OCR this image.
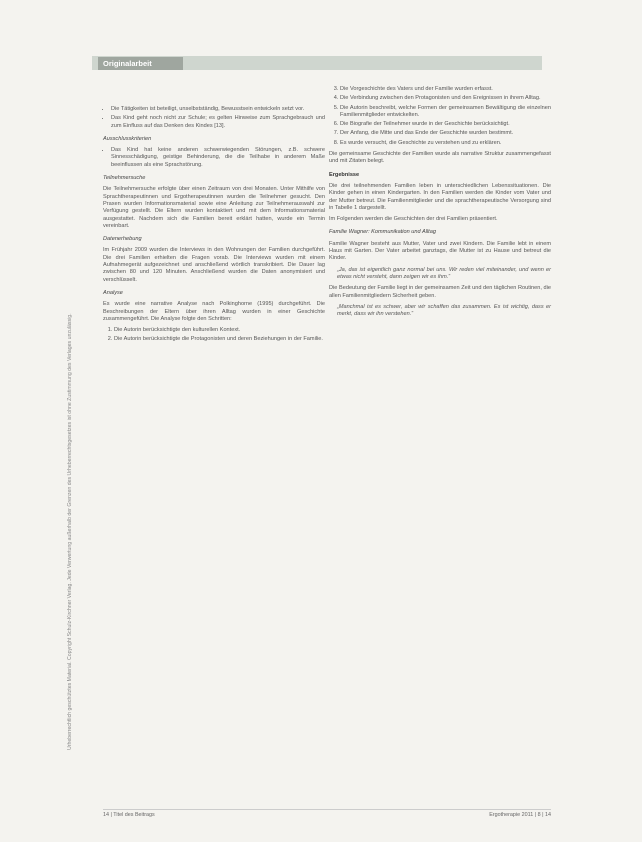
Originalarbeit
Urheberrechtlich geschütztes Material. Copyright Schulz-Kirchner Verlag. Jede Verwertung außerhalb der Grenzen des Urheberrechtsgesetzes ist ohne Zustimmung des Verlages unzulässig.
• Die Tätigkeiten ist beteiligt, unselbstständig, Bewusstsein entwickeln setzt vor.
• Das Kind geht noch nicht zur Schule; es gelten Hinweise zum Sprachgebrauch und zum Einfluss auf das Denken des Kindes [13].

Ausschlusskriterien

• Das Kind hat keine anderen schwerwiegenden Störungen, z.B. schwere Sinnesschädigung, geistige Behinderung, die die Teilhabe in anderem Maße beeinflussen als eine Sprachstörung.

Teilnehmersuche

Die Teilnehmersuche erfolgte über einen Zeitraum von drei Monaten. Unter Mithilfe von Sprachtherapeutinnen und Ergotherapeutinnen wurden die Teilnehmer gesucht. Den Praxen wurden Informationsmaterial sowie eine Anleitung zur Teilnehmerauswahl zur Verfügung gestellt. Die Eltern wurden kontaktiert und mit dem Informationsmaterial ausgestattet. Nachdem sich die Familien bereit erklärt hatten, wurde ein Termin vereinbart.

Datenerhebung

Im Frühjahr 2009 wurden die Interviews in den Wohnungen der Familien durchgeführt. Die drei Familien erhielten die Fragen vorab. Die Interviews wurden mit einem Aufnahmegerät aufgezeichnet und anschließend wörtlich transkribiert. Die Dauer lag zwischen 80 und 120 Minuten. Anschließend wurden die Daten anonymisiert und verschlüsselt.

Analyse

Es wurde eine narrative Analyse nach Polkinghorne (1995) durchgeführt. Die Beschreibungen der Eltern über ihren Alltag wurden in einer Geschichte zusammengeführt. Die Analyse folgte den Schritten:

1. Die Autorin berücksichtigte den kulturellen Kontext.
2. Die Autorin berücksichtigte die Protagonisten und deren Beziehungen in der Familie.
3. Die Vorgeschichte des Vaters und der Familie wurden erfasst.
4. Die Verbindung zwischen den Protagonisten und den Ereignissen in ihrem Alltag.
5. Die Autorin beschreibt, welche Formen der gemeinsamen Bewältigung die einzelnen Familienmitglieder entwickelten.
6. Die Biografie der Teilnehmer wurde in der Geschichte berücksichtigt.
7. Der Anfang, die Mitte und das Ende der Geschichte wurden bestimmt.
8. Es wurde versucht, die Geschichte zu verstehen und zu erklären.

Die gemeinsame Geschichte der Familien wurde als narrative Struktur zusammengefasst und mit Zitaten belegt.

Ergebnisse

Die drei teilnehmenden Familien leben in unterschiedlichen Lebenssituationen. Die Kinder gehen in einen Kindergarten. In den Familien werden die Kinder vom Vater und der Mutter betreut. Die Familienmitglieder und die sprachtherapeutische Versorgung sind in Tabelle 1 dargestellt.

Im Folgenden werden die Geschichten der drei Familien präsentiert.

Familie Wagner: Kommunikation und Alltag

Familie Wagner besteht aus Mutter, Vater und zwei Kindern. Die Familie lebt in einem Haus mit Garten. Der Vater arbeitet ganztags, die Mutter ist zu Hause und betreut die Kinder.

„Ja, das ist eigentlich ganz normal bei uns. Wir reden viel miteinander, und wenn er etwas nicht versteht, dann zeigen wir es ihm.“

Die Bedeutung der Familie liegt in der gemeinsamen Zeit und den täglichen Routinen, die allen Familienmitgliedern Sicherheit geben.

„Manchmal ist es schwer, aber wir schaffen das zusammen. Es ist wichtig, dass er merkt, dass wir ihn verstehen.“

14 | Titel des Beitrags	Ergotherapie 2011 | 8 | 14
